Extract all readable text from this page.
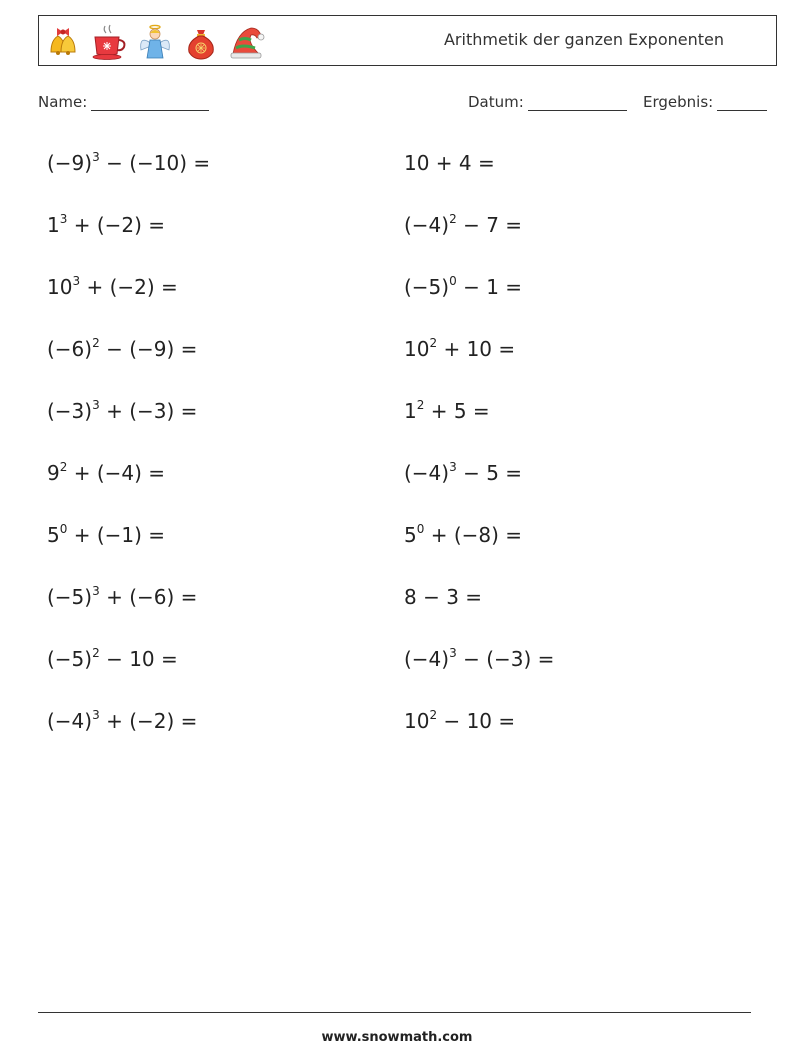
Arithmetik der ganzen Exponenten
Name:	Datum:	Ergebnis:
$(-9)^3 - (-10)$ =
$1^3 + (-2)$ =
$10^3 + (-2)$ =
$(-6)^2 - (-9)$ =
$(-3)^3 + (-3)$ =
$9^2 + (-4)$ =
$5^0 + (-1)$ =
$(-5)^3 + (-6)$ =
$(-5)^2 - 10$ =
$(-4)^3 + (-2)$ =
10 + 4 =
$(-4)^2 - 7$ =
$(-5)^0 - 1$ =
$10^2 + 10$ =
$1^2 + 5$ =
$(-4)^3 - 5$ =
$5^0 + (-8)$ =
8 − 3 =
$(-4)^3 - (-3)$ =
$10^2 - 10$ =
www.snowmath.com
